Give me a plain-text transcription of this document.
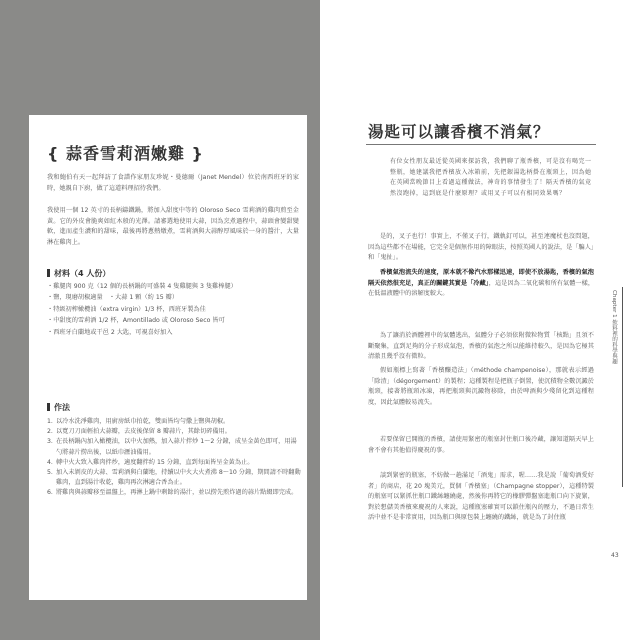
{ 蒜香雪莉酒嫩雞 }
我和鮑伯有天一起拜訪了食譜作家朋友珍妮・曼德爾（Janet Mendel）位於南西班牙的家時，她親自下廚，做了這道料理招待我們。
我使用一個 12 英寸的長柄鑄鐵鍋，將加入甜度中等的 Oloroso Seco 雪莉酒的雞肉煎至金黃。它的外皮會脆爽如紅木般的光澤。請審選地使用大蒜，因為烹煮過程中，蒜頭會變甜變軟，進而產生濃和的甜味，最後再將蔥熱燉煮，雪莉酒與大蒜醇厚風味於一身的醬汁，大量淋在雞肉上。
材料（4 人份）
・ 雞腿肉 900 克（12 個的長柄鍋的可盛裝 4 隻雞腿與 3 隻雞棒腿）
・ 鹽，現磨胡椒適量　・大蒜 1 顆（約 15 瓣）
・ 特級初榨橄欖油（extra virgin）1/3 杯，西班牙製為佳
・ 中甜度的雪莉酒 1/2 杯，Amontillado 或 Oloroso Seco 皆可
・ 西班牙白蘭地或干邑 2 大匙，可視喜好加入
作法
1. 以冷水洗淨雞肉，用廚房紙巾拍乾，雙面皆均勻撒上鹽與胡椒。
2. 以寬刀刀面輕拍大蒜瓣，去皮後保留 8 瓣蒜片，其餘切碎備用。
3. 在長柄鍋內加入橄欖油，以中火加熱，加入蒜片拌炒 1～2 分鐘，成呈金黃色即可，用湯勺將蒜片撈出後，以紙巾瀝油備用。
4. 轉中火大致入雞肉拌炒，適度翻拌約 15 分鐘，直到每面皆呈金黃為止。
5. 加入未剝皮的大蒜、雪莉酒與白蘭地，持續以中火大火煮沸 8～10 分鐘，期間請不時翻動雞肉，直到湯汁收乾，雞肉再次淋適合香為止。
6. 將雞肉與蒜瓣移至溫盤上，再淋上鍋中剩餘的湯汁，並以撈先煎炸過的蒜片點綴即完成。
湯匙可以讓香檳不消氣？
有位女性朋友最近從英國來探訪我，我們聊了瓶香檳，可是沒有喝完一整瓶，她建議我把香檳放入冰箱前，先把銀湯匙柄掛在瓶頸上，因為她在英國當晚節目上看過這種做法，神奇的事情發生了！隔天香檳的氣竟然沒跑掉，這到底是什麼原理？或用叉子可以有相同效果嗎？
是的，叉子也行！事實上，不僅叉子行，鐵軌釘可以，甚至連魔杖也沒問題，因為這些都不在場能，它完全是個無作用的障眼法，按照英國人的說法，是「騙人」和「鬼扯」。
香檳氣泡流失的速度，原本就不像汽水那樣迅速，即使不放湯匙，香檳的氣泡隔天依然很充足，真正的關鍵其實是「冷藏」，這是因為二氧化碳和所有氣體一樣，在低溫液體中的溶解度較大。
為了讓消於酒體裡中的氣體逃出，氣體分子必須依附微粒物質「核點」且須不斷聚集，直到足夠的分子形成氣泡，香檳的氣泡之所以能維持較久，是因為它極其清澈且幾乎沒有微粒。
假如瓶標上寫著「香檳釀造法」（méthode champenoise），那就表示經過「除渣」（dégorgement）的製程；這種製程是把瓶子倒置，使沉積物全數沉澱於瓶頸，接著將瓶頸冰凍，再把瓶頸與沉澱物移除，由於啤酒與少殘留化到這種程度，因此氣體較易流失。
若要保留已開瓶的香檳，請使用緊密的瓶塞封住瓶口後冷藏，讓知道隔天早上會不會有其他值得慶祝的事。
談到緊密的瓶塞，不妨做一趟滿足「酒鬼」需求，喔……我是說「葡萄酒愛好者」的商店，花 20 塊美元，買個「香檳塞」（Champagne stopper），這種特製的瓶塞可以緊抓住瓶口鐵絲纏繞處，然後你再將它的橡膠彈盤塞進瓶口向下旋緊，對於想儲美香檳來慶祝的人來說，這種瓶塞確實可以鎖住瓶內的壓力，不過日常生活中並不是非常實用，因為瓶口與原包裝上纏繞的鐵絲，就是為了封住瓶
Chapter 1 飲料裡的科學與趣
43
